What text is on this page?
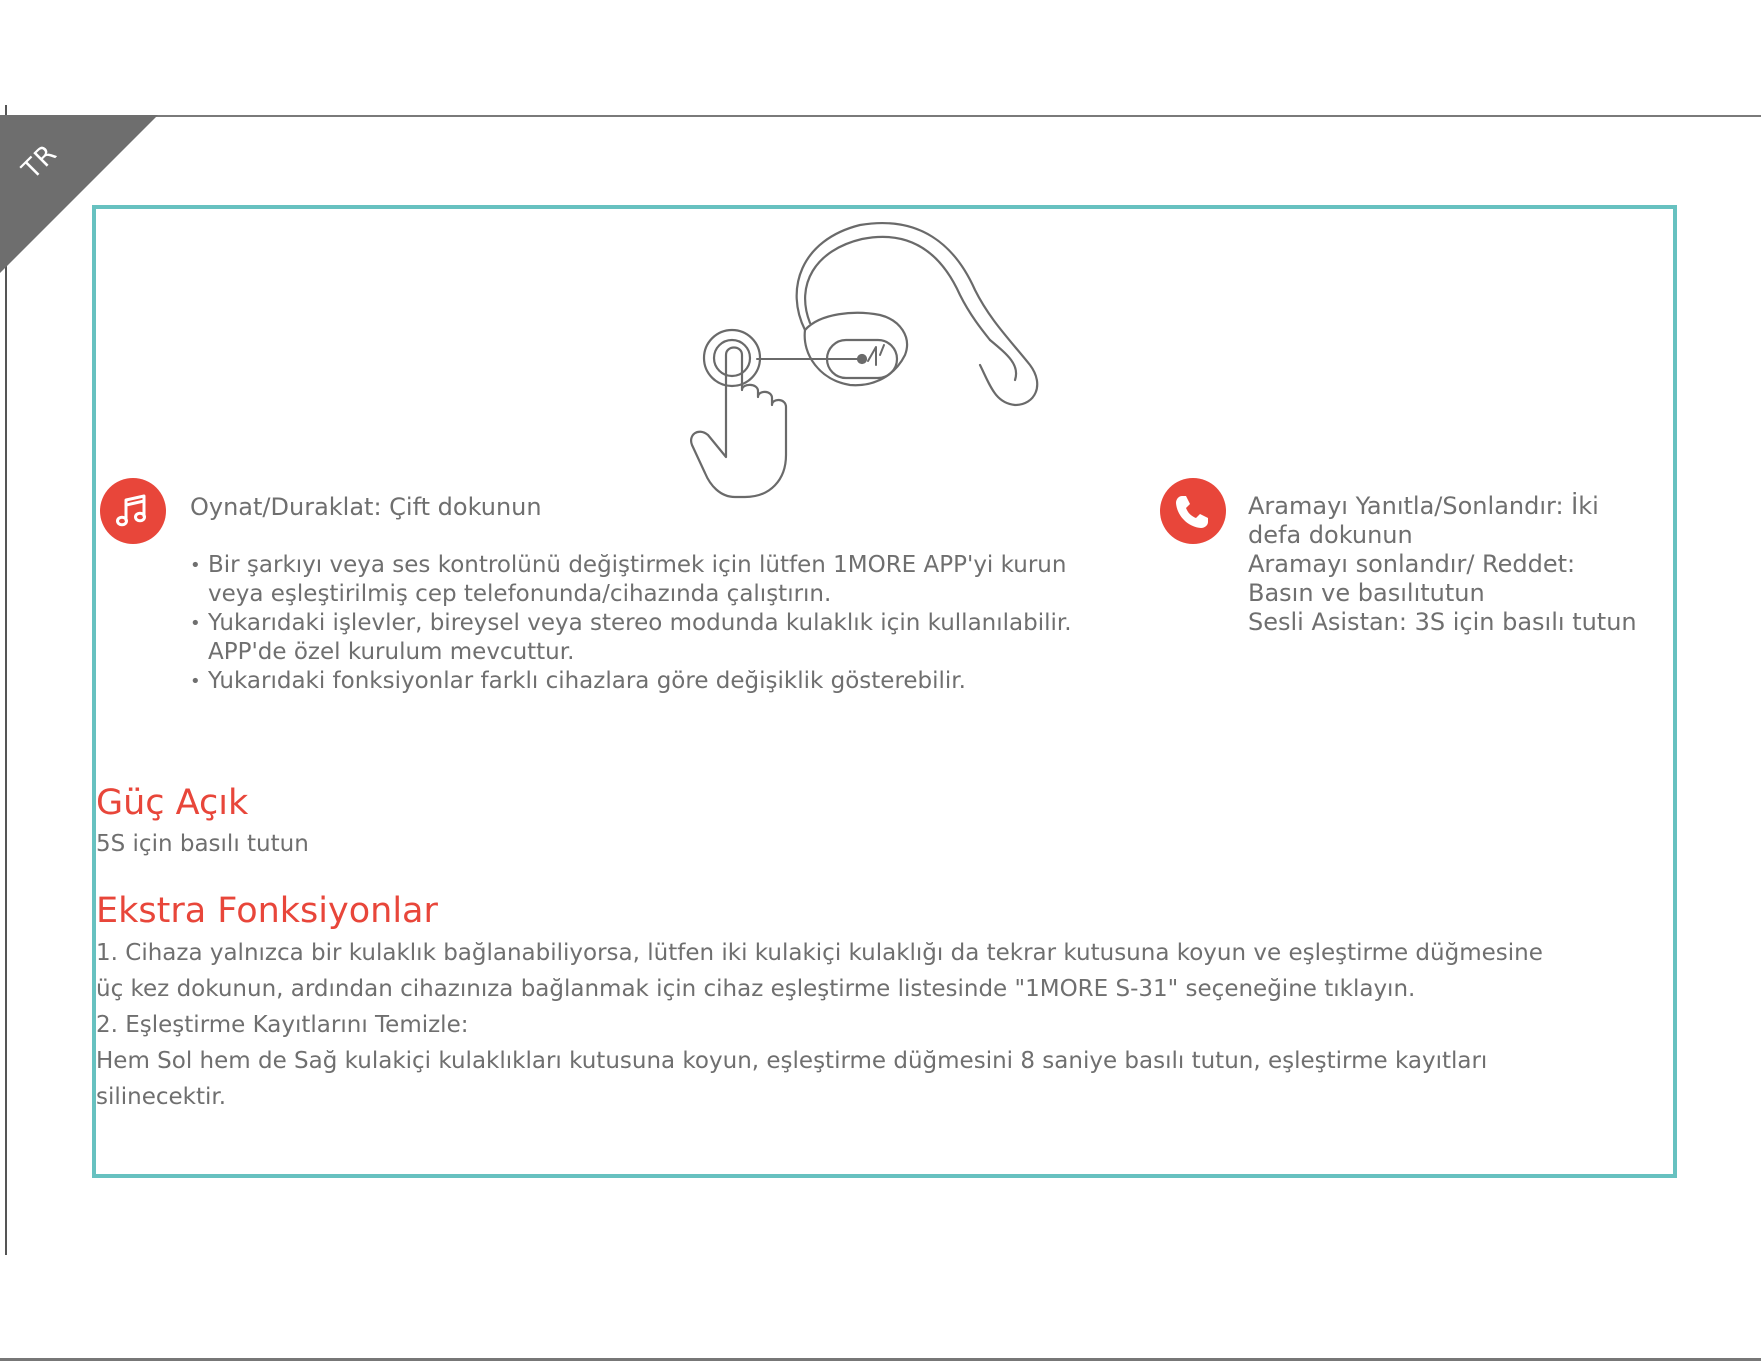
TR
Oynat/Duraklat: Çift dokunun
• Bir şarkıyı veya ses kontrolünü değiştirmek için lütfen 1MORE APP'yi kurun veya eşleştirilmiş cep telefonunda/cihazında çalıştırın.
• Yukarıdaki işlevler, bireysel veya stereo modunda kulaklık için kullanılabilir. APP'de özel kurulum mevcuttur.
• Yukarıdaki fonksiyonlar farklı cihazlara göre değişiklik gösterebilir.
Aramayı Yanıtla/Sonlandır: İki defa dokunun
Aramayı sonlandır/ Reddet: Basın ve basılıtutun
Sesli Asistan: 3S için basılı tutun
Güç Açık
5S için basılı tutun
Ekstra Fonksiyonlar
1. Cihaza yalnızca bir kulaklık bağlanabiliyorsa, lütfen iki kulakiçi kulaklığı da tekrar kutusuna koyun ve eşleştirme düğmesine
üç kez dokunun, ardından cihazınıza bağlanmak için cihaz eşleştirme listesinde "1MORE S-31" seçeneğine tıklayın.
2. Eşleştirme Kayıtlarını Temizle:
Hem Sol hem de Sağ kulakiçi kulaklıkları kutusuna koyun, eşleştirme düğmesini 8 saniye basılı tutun, eşleştirme kayıtları
silinecektir.
